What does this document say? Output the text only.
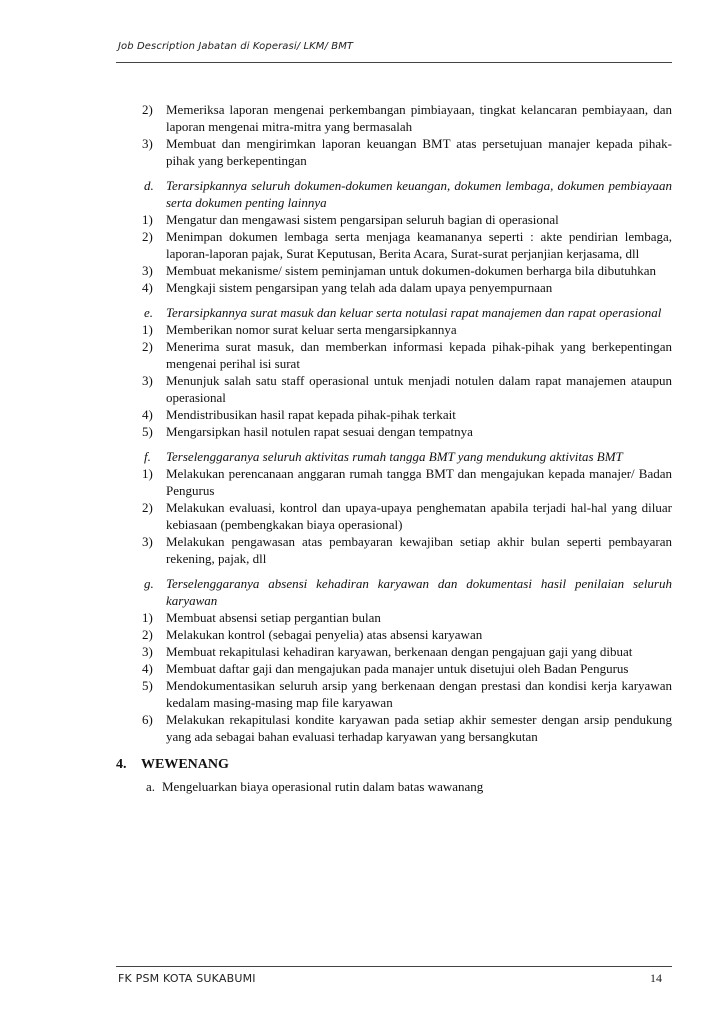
Job Description Jabatan di Koperasi/ LKM/ BMT
2) Memeriksa laporan mengenai perkembangan pimbiayaan, tingkat kelancaran pembiayaan, dan laporan mengenai mitra-mitra yang bermasalah
3) Membuat dan mengirimkan laporan keuangan BMT atas persetujuan manajer kepada pihak-pihak yang berkepentingan
d. Terarsipkannya seluruh dokumen-dokumen keuangan, dokumen lembaga, dokumen pembiayaan serta dokumen penting lainnya
1) Mengatur dan mengawasi sistem pengarsipan seluruh bagian di operasional
2) Menimpan dokumen lembaga serta menjaga keamananya seperti : akte pendirian lembaga, laporan-laporan pajak, Surat Keputusan, Berita Acara, Surat-surat perjanjian kerjasama, dll
3) Membuat mekanisme/ sistem peminjaman untuk dokumen-dokumen berharga bila dibutuhkan
4) Mengkaji sistem pengarsipan yang telah ada dalam upaya penyempurnaan
e. Terarsipkannya surat masuk dan keluar serta notulasi rapat manajemen dan rapat operasional
1) Memberikan nomor surat keluar serta mengarsipkannya
2) Menerima surat masuk, dan memberkan informasi kepada pihak-pihak yang berkepentingan mengenai perihal isi surat
3) Menunjuk salah satu staff operasional untuk menjadi notulen dalam rapat manajemen ataupun operasional
4) Mendistribusikan hasil rapat kepada pihak-pihak terkait
5) Mengarsipkan hasil notulen rapat sesuai dengan tempatnya
f. Terselenggaranya seluruh aktivitas rumah tangga BMT yang mendukung aktivitas BMT
1) Melakukan perencanaan anggaran rumah tangga BMT dan mengajukan kepada manajer/ Badan Pengurus
2) Melakukan evaluasi, kontrol dan upaya-upaya penghematan apabila terjadi hal-hal yang diluar kebiasaan (pembengkakan biaya operasional)
3) Melakukan pengawasan atas pembayaran kewajiban setiap akhir bulan seperti pembayaran rekening, pajak, dll
g. Terselenggaranya absensi kehadiran karyawan dan dokumentasi hasil penilaian seluruh karyawan
1) Membuat absensi setiap pergantian bulan
2) Melakukan kontrol (sebagai penyelia) atas absensi karyawan
3) Membuat rekapitulasi kehadiran karyawan, berkenaan dengan pengajuan gaji yang dibuat
4) Membuat daftar gaji dan mengajukan pada manajer untuk disetujui oleh Badan Pengurus
5) Mendokumentasikan seluruh arsip yang berkenaan dengan prestasi dan kondisi kerja karyawan kedalam masing-masing map file karyawan
6) Melakukan rekapitulasi kondite karyawan pada setiap akhir semester dengan arsip pendukung yang ada sebagai bahan evaluasi terhadap karyawan yang bersangkutan
4. WEWENANG
a. Mengeluarkan biaya operasional rutin dalam batas wawanang
FK PSM KOTA SUKABUMI	14
